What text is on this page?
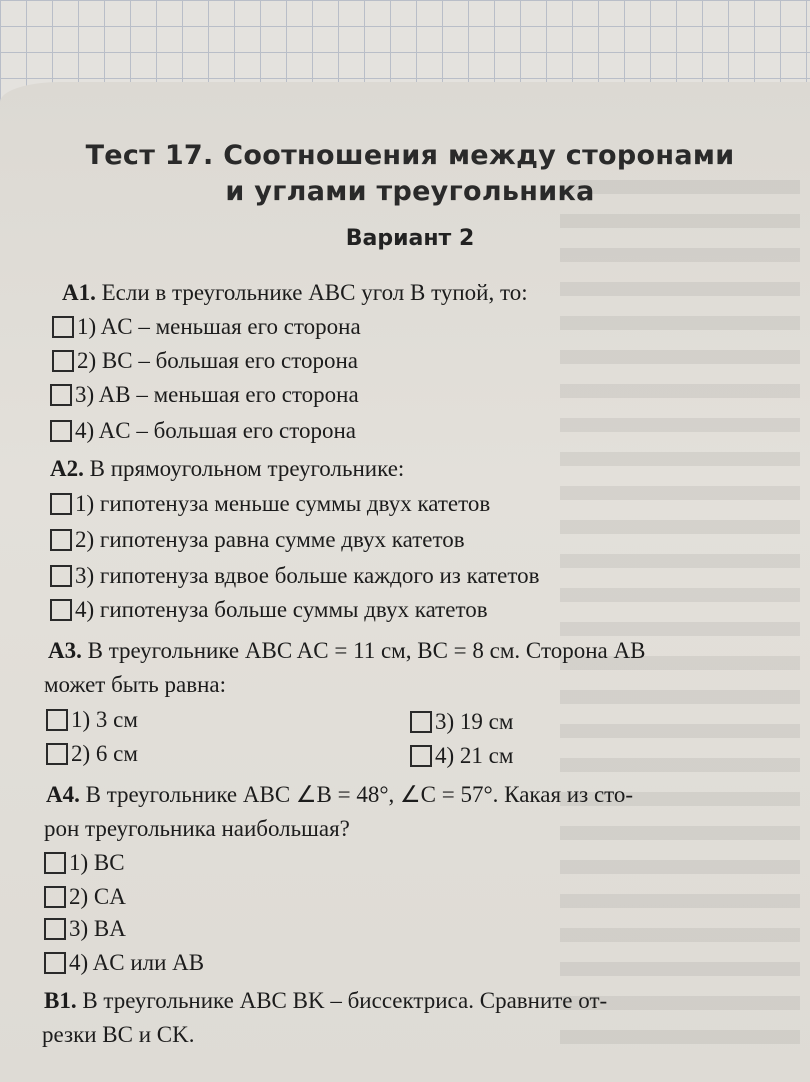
Тест 17. Соотношения между сторонами
и углами треугольника
Вариант 2
А1. Если в треугольнике ABC угол B тупой, то:
1) AC – меньшая его сторона
2) BC – большая его сторона
3) AB – меньшая его сторона
4) AC – большая его сторона
А2. В прямоугольном треугольнике:
1) гипотенуза меньше суммы двух катетов
2) гипотенуза равна сумме двух катетов
3) гипотенуза вдвое больше каждого из катетов
4) гипотенуза больше суммы двух катетов
А3. В треугольнике ABC AC = 11 см, BC = 8 см. Сторона AB
может быть равна:
1) 3 см
2) 6 см
3) 19 см
4) 21 см
А4. В треугольнике ABC ∠B = 48°, ∠C = 57°. Какая из сто-
рон треугольника наибольшая?
1) BC
2) CA
3) BA
4) AC или AB
В1. В треугольнике ABC BK – биссектриса. Сравните от-
резки BC и CK.
